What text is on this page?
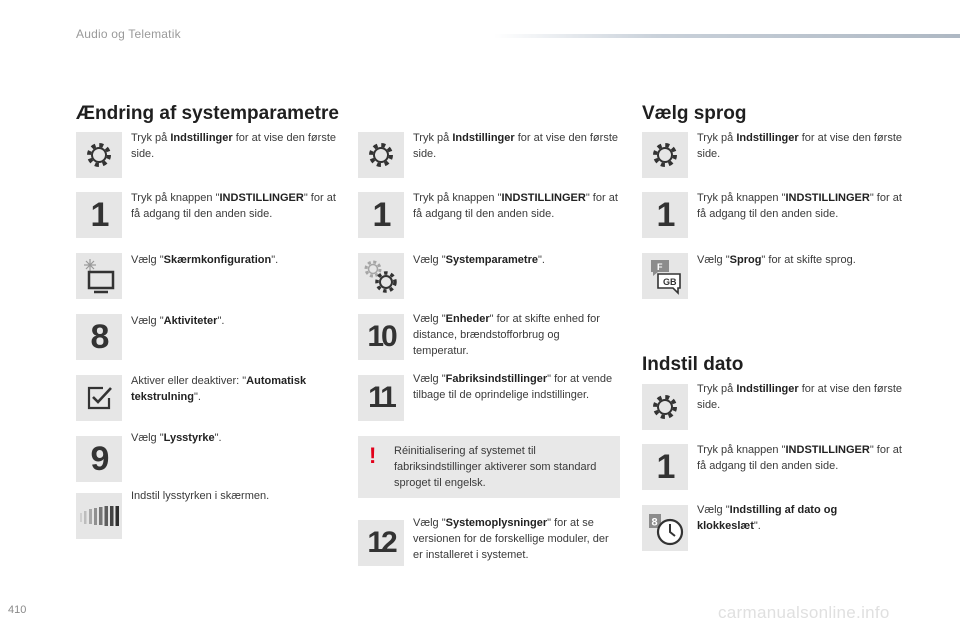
Audio og Telematik
Ændring af systemparametre
Tryk på Indstillinger for at vise den første side.
1 Tryk på knappen "INDSTILLINGER" for at få adgang til den anden side.
Vælg "Skærmkonfiguration".
8 Vælg "Aktiviteter".
Aktiver eller deaktiver: "Automatisk tekstrulning".
9
Vælg "Lysstyrke".
Indstil lysstyrken i skærmen.
Tryk på Indstillinger for at vise den første side.
1 Tryk på knappen "INDSTILLINGER" for at få adgang til den anden side.
Vælg "Systemparametre".
10
Vælg "Enheder" for at skifte enhed for distance, brændstofforbrug og temperatur.
11
Vælg "Fabriksindstillinger" for at vende tilbage til de oprindelige indstillinger.
! Réinitialisering af systemet til fabriksindstillinger aktiverer som standard sproget til engelsk.
12
Vælg "Systemoplysninger" for at se versionen for de forskellige moduler, der er installeret i systemet.
Vælg sprog
Tryk på Indstillinger for at vise den første side.
1 Tryk på knappen "INDSTILLINGER" for at få adgang til den anden side.
F
GB
Vælg "Sprog" for at skifte sprog.
Indstil dato
Tryk på Indstillinger for at vise den første side.
1 Tryk på knappen "INDSTILLINGER" for at få adgang til den anden side.
8
Vælg "Indstilling af dato og klokkeslæt".
410	carmanualsonline.info
